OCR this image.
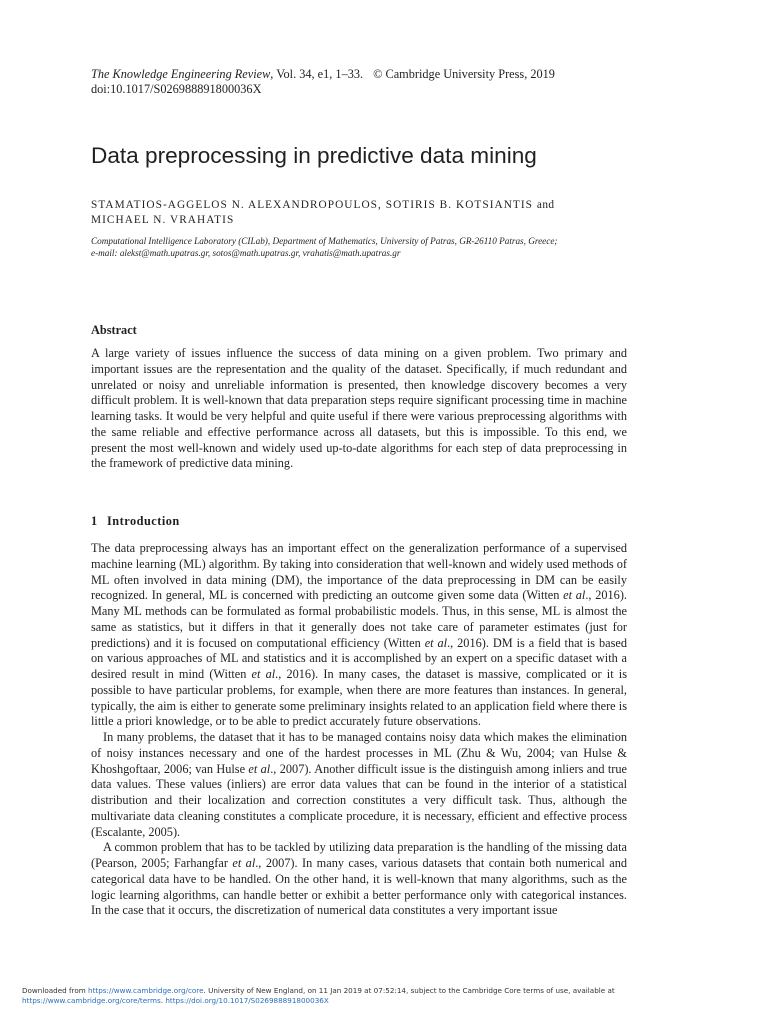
The Knowledge Engineering Review, Vol. 34, e1, 1–33. © Cambridge University Press, 2019
doi:10.1017/S026988891800036X
Data preprocessing in predictive data mining
STAMATIOS-AGGELOS N. ALEXANDROPOULOS, SOTIRIS B. KOTSIANTIS and
MICHAEL N. VRAHATIS
Computational Intelligence Laboratory (CILab), Department of Mathematics, University of Patras, GR-26110 Patras, Greece;
e-mail: alekst@math.upatras.gr, sotos@math.upatras.gr, vrahatis@math.upatras.gr
Abstract

A large variety of issues influence the success of data mining on a given problem. Two primary and important issues are the representation and the quality of the dataset. Specifically, if much redundant and unrelated or noisy and unreliable information is presented, then knowledge discovery becomes a very difficult problem. It is well-known that data preparation steps require significant processing time in machine learning tasks. It would be very helpful and quite useful if there were various preprocessing algorithms with the same reliable and effective performance across all datasets, but this is impossible. To this end, we present the most well-known and widely used up-to-date algorithms for each step of data preprocessing in the framework of predictive data mining.

1 Introduction

The data preprocessing always has an important effect on the generalization performance of a supervised machine learning (ML) algorithm. By taking into consideration that well-known and widely used methods of ML often involved in data mining (DM), the importance of the data preprocessing in DM can be easily recognized. In general, ML is concerned with predicting an outcome given some data (Witten et al., 2016). Many ML methods can be formulated as formal probabilistic models. Thus, in this sense, ML is almost the same as statistics, but it differs in that it generally does not take care of parameter estimates (just for predictions) and it is focused on computational efficiency (Witten et al., 2016). DM is a field that is based on various approaches of ML and statistics and it is accomplished by an expert on a specific dataset with a desired result in mind (Witten et al., 2016). In many cases, the dataset is massive, complicated or it is possible to have particular problems, for example, when there are more features than instances. In general, typically, the aim is either to generate some preliminary insights related to an application field where there is little a priori knowledge, or to be able to predict accurately future observations.

In many problems, the dataset that it has to be managed contains noisy data which makes the elimination of noisy instances necessary and one of the hardest processes in ML (Zhu & Wu, 2004; van Hulse & Khoshgoftaar, 2006; van Hulse et al., 2007). Another difficult issue is the distinguish among inliers and true data values. These values (inliers) are error data values that can be found in the interior of a statistical distribution and their localization and correction constitutes a very difficult task. Thus, although the multivariate data cleaning constitutes a complicate procedure, it is necessary, efficient and effective process (Escalante, 2005).

A common problem that has to be tackled by utilizing data preparation is the handling of the missing data (Pearson, 2005; Farhangfar et al., 2007). In many cases, various datasets that contain both numerical and categorical data have to be handled. On the other hand, it is well-known that many algorithms, such as the logic learning algorithms, can handle better or exhibit a better performance only with categorical instances. In the case that it occurs, the discretization of numerical data constitutes a very important issue

Downloaded from https://www.cambridge.org/core. University of New England, on 11 Jan 2019 at 07:52:14, subject to the Cambridge Core terms of use, available at
https://www.cambridge.org/core/terms. https://doi.org/10.1017/S026988891800036X
